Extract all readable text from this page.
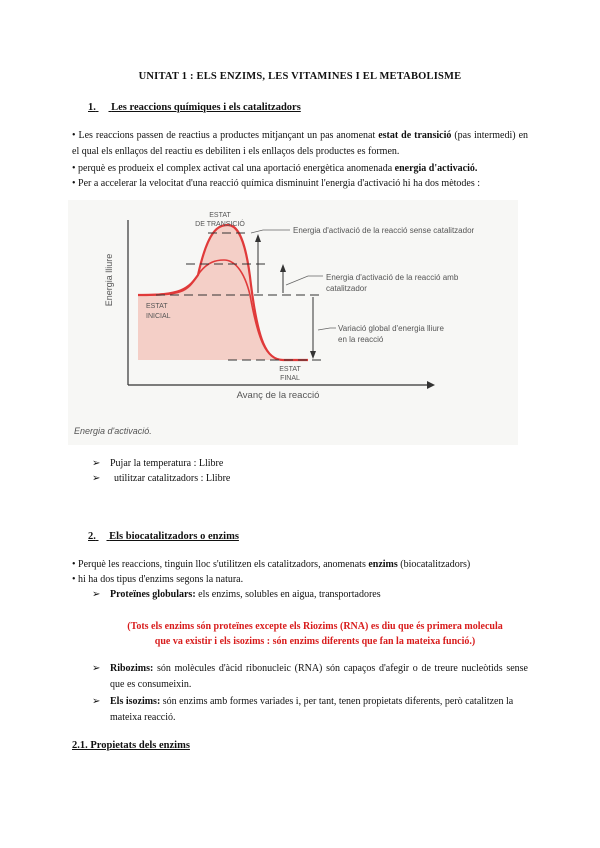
UNITAT 1 : ELS ENZIMS, LES VITAMINES I EL METABOLISME
1. Les reaccions químiques i els catalitzadors
• Les reaccions passen de reactius a productes mitjançant un pas anomenat estat de transició (pas intermedi) en el qual els enllaços del reactiu es debiliten i els enllaços dels productes es formen.
• perquè es produeix el complex activat cal una aportació energètica anomenada energia d'activació.
• Per a accelerar la velocitat d'una reacció química disminuint l'energia d'activació hi ha dos mètodes :
Energia lliure
Avanç de la reacció
ESTAT
DE TRANSICIÓ
ESTAT
INICIAL
ESTAT
FINAL
Energia d'activació de la reacció sense catalitzador
Energia d'activació de la reacció amb
catalitzador
Variació global d'energia lliure
en la reacció
Energia d'activació.
➢ Pujar la temperatura : Llibre
➢ utilitzar catalitzadors : Llibre
2. Els biocatalitzadors o enzims
• Perquè les reaccions, tinguin lloc s'utilitzen els catalitzadors, anomenats enzims (biocatalitzadors)
• hi ha dos tipus d'enzims segons la natura.
➢ Proteïnes globulars: els enzims, solubles en aigua, transportadores
(Tots els enzims són proteïnes excepte els Riozims (RNA) es diu que és primera molecula
que va existir i els isozims : són enzims diferents que fan la mateixa funció.)
➢ Ribozims: són molècules d'àcid ribonucleic (RNA) són capaços d'afegir o de treure nucleòtids sense que es consumeixin.
➢ Els isozims: són enzims amb formes variades i, per tant, tenen propietats diferents, però catalitzen la mateixa reacció.
2.1. Propietats dels enzims
